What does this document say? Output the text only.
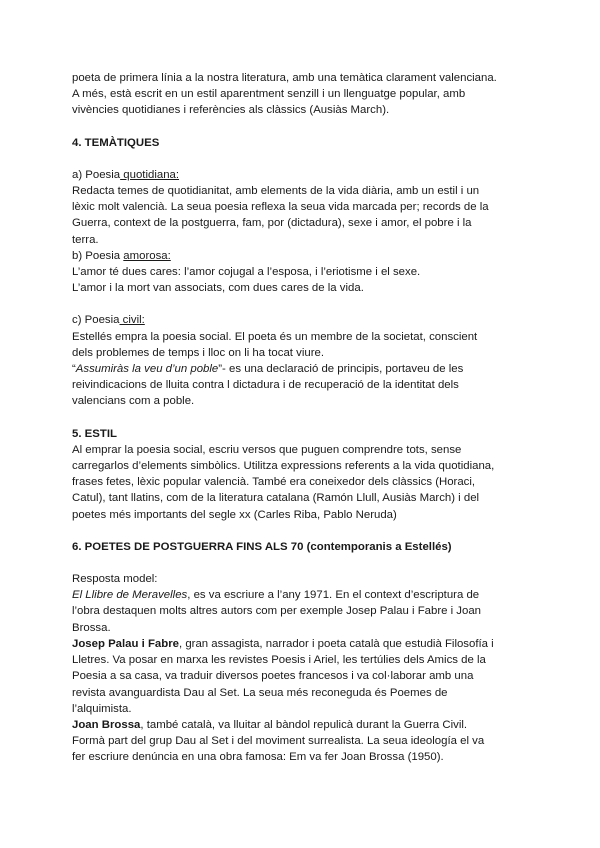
poeta de primera línia a la nostra literatura, amb una temàtica clarament valenciana.

A més, està escrit en un estil aparentment senzill i un llenguatge popular, amb

vivències quotidianes i referències als clàssics (Ausiàs March).

4. TEMÀTIQUES

a) Poesia quotidiana:

Redacta temes de quotidianitat, amb elements de la vida diària, amb un estil i un

lèxic molt valencià. La seua poesia reflexa la seua vida marcada per; records de la

Guerra, context de la postguerra, fam, por (dictadura), sexe i amor, el pobre i la

terra.

b) Poesia amorosa:

L’amor té dues cares: l’amor cojugal a l’esposa, i l’eriotisme i el sexe.

L’amor i la mort van associats, com dues cares de la vida.

c) Poesia civil:

Estellés empra la poesia social. El poeta és un membre de la societat, conscient

dels problemes de temps i lloc on li ha tocat viure.

“Assumiràs la veu d’un poble”- es una declaració de principis, portaveu de les

reivindicacions de lluita contra l dictadura i de recuperació de la identitat dels

valencians com a poble.

5. ESTIL

Al emprar la poesia social, escriu versos que puguen comprendre tots, sense

carregarlos d’elements simbòlics. Utilitza expressions referents a la vida quotidiana,

frases fetes, lèxic popular valencià. També era coneixedor dels clàssics (Horaci,

Catul), tant llatins, com de la literatura catalana (Ramón Llull, Ausiàs March) i del

poetes més importants del segle xx (Carles Riba, Pablo Neruda)

6. POETES DE POSTGUERRA FINS ALS 70 (contemporanis a Estellés)

Resposta model:

El Llibre de Meravelles, es va escriure a l’any 1971. En el context d’escriptura de

l’obra destaquen molts altres autors com per exemple Josep Palau i Fabre i Joan

Brossa.

Josep Palau i Fabre, gran assagista, narrador i poeta català que estudià Filosofía i

Lletres. Va posar en marxa les revistes Poesis i Ariel, les tertúlies dels Amics de la

Poesia a sa casa, va traduir diversos poetes francesos i va col·laborar amb una

revista avanguardista Dau al Set. La seua més reconeguda és Poemes de

l’alquimista.

Joan Brossa, també català, va lluitar al bàndol repulicà durant la Guerra Civil.

Formà part del grup Dau al Set i del moviment surrealista. La seua ideología el va

fer escriure denúncia en una obra famosa: Em va fer Joan Brossa (1950).
